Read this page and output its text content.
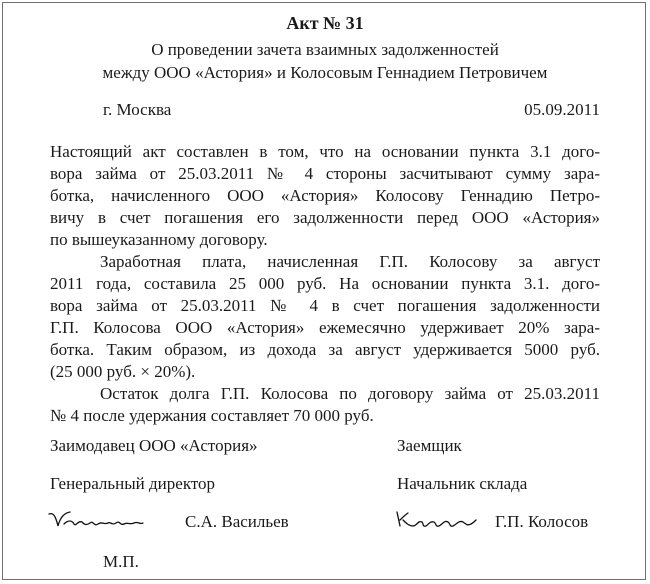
Акт № 31
О проведении зачета взаимных задолженностей
между ООО «Астория» и Колосовым Геннадием Петровичем
г. Москва	05.09.2011

Настоящий акт составлен в том, что на основании пункта 3.1 дого-
вора займа от 25.03.2011 № 4 стороны засчитывают сумму зара-
ботка, начисленного ООО «Астория» Колосову Геннадию Петро-
вичу в счет погашения его задолженности перед ООО «Астория»
по вышеуказанному договору.

Заработная плата, начисленная Г.П. Колосову за август
2011 года, составила 25 000 руб. На основании пункта 3.1. дого-
вора займа от 25.03.2011 № 4 в счет погашения задолженности
Г.П. Колосова ООО «Астория» ежемесячно удерживает 20% зара-
ботка. Таким образом, из дохода за август удерживается 5000 руб.
(25 000 руб. × 20%).

Остаток долга Г.П. Колосова по договору займа от 25.03.2011
№ 4 после удержания составляет 70 000 руб.

Заимодавец ООО «Астория»	Заемщик
Генеральный директор	Начальник склада
С.А. Васильев	Г.П. Колосов
М.П.
